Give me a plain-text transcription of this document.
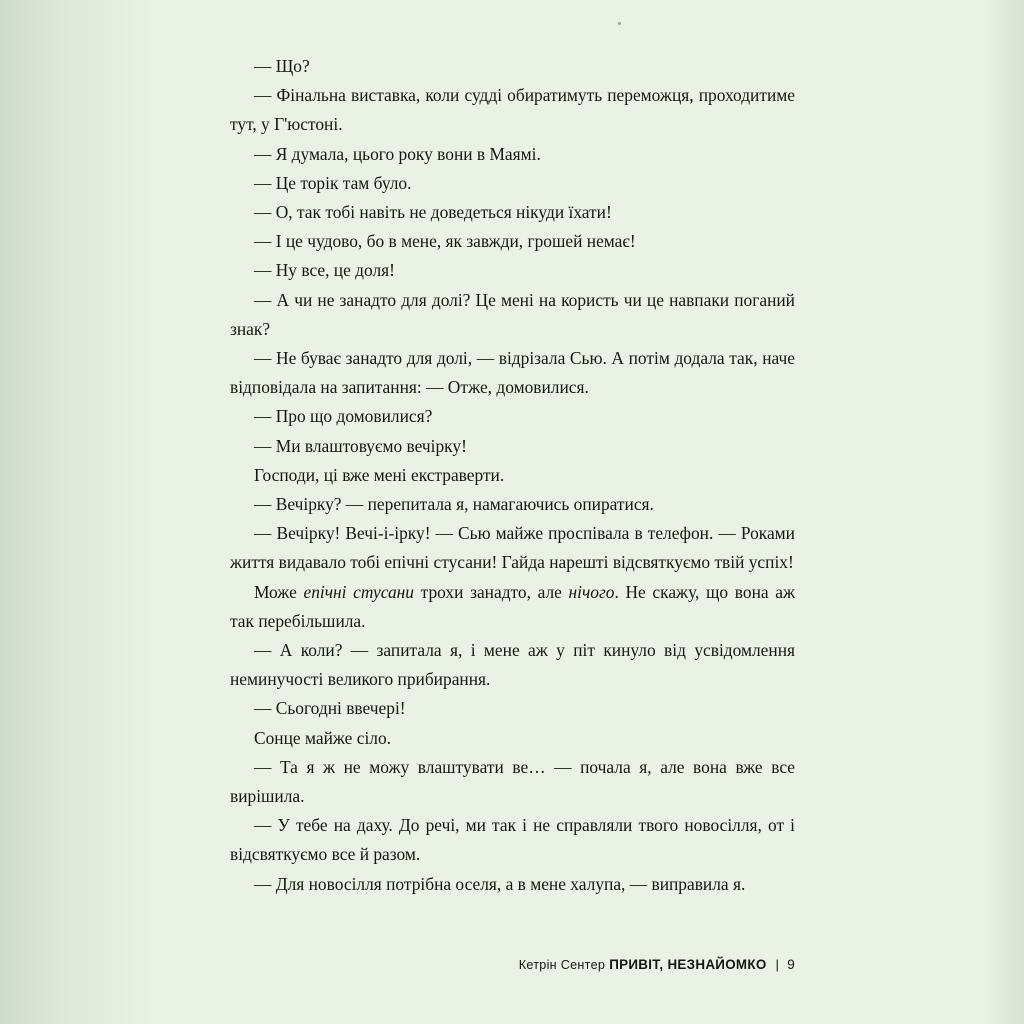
— Що?

— Фінальна виставка, коли судді обиратимуть переможця, проходитиме тут, у Г'юстоні.

— Я думала, цього року вони в Маямі.

— Це торік там було.

— О, так тобі навіть не доведеться нікуди їхати!

— І це чудово, бо в мене, як завжди, грошей немає!

— Ну все, це доля!

— А чи не занадто для долі? Це мені на користь чи це навпаки поганий знак?

— Не буває занадто для долі, — відрізала Сью. А потім додала так, наче відповідала на запитання: — Отже, домовилися.

— Про що домовилися?

— Ми влаштовуємо вечірку!

Господи, ці вже мені екстраверти.

— Вечірку? — перепитала я, намагаючись опиратися.

— Вечірку! Вечі-і-ірку! — Сью майже проспівала в телефон. — Роками життя видавало тобі епічні стусани! Гайда нарешті відсвяткуємо твій успіх!

Може епічні стусани трохи занадто, але нічого. Не скажу, що вона аж так перебільшила.

— А коли? — запитала я, і мене аж у піт кинуло від усвідомлення неминучості великого прибирання.

— Сьогодні ввечері!

Сонце майже сіло.

— Та я ж не можу влаштувати ве… — почала я, але вона вже все вирішила.

— У тебе на даху. До речі, ми так і не справляли твого новосілля, от і відсвяткуємо все й разом.

— Для новосілля потрібна оселя, а в мене халупа, — виправила я.

Кетрін Сентер ПРИВІТ, НЕЗНАЙОМКО | 9
